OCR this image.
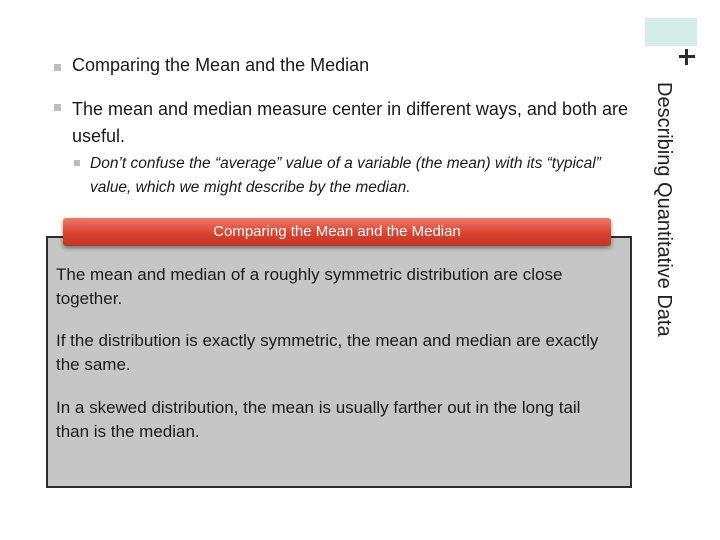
Describing Quantitative Data
Comparing the Mean and the Median
The mean and median measure center in different ways, and both are useful.
Don’t confuse the “average” value of a variable (the mean) with its “typical” value, which we might describe by the median.
Comparing the Mean and the Median
The mean and median of a roughly symmetric distribution are close together.
If the distribution is exactly symmetric, the mean and median are exactly the same.
In a skewed distribution, the mean is usually farther out in the long tail than is the median.
